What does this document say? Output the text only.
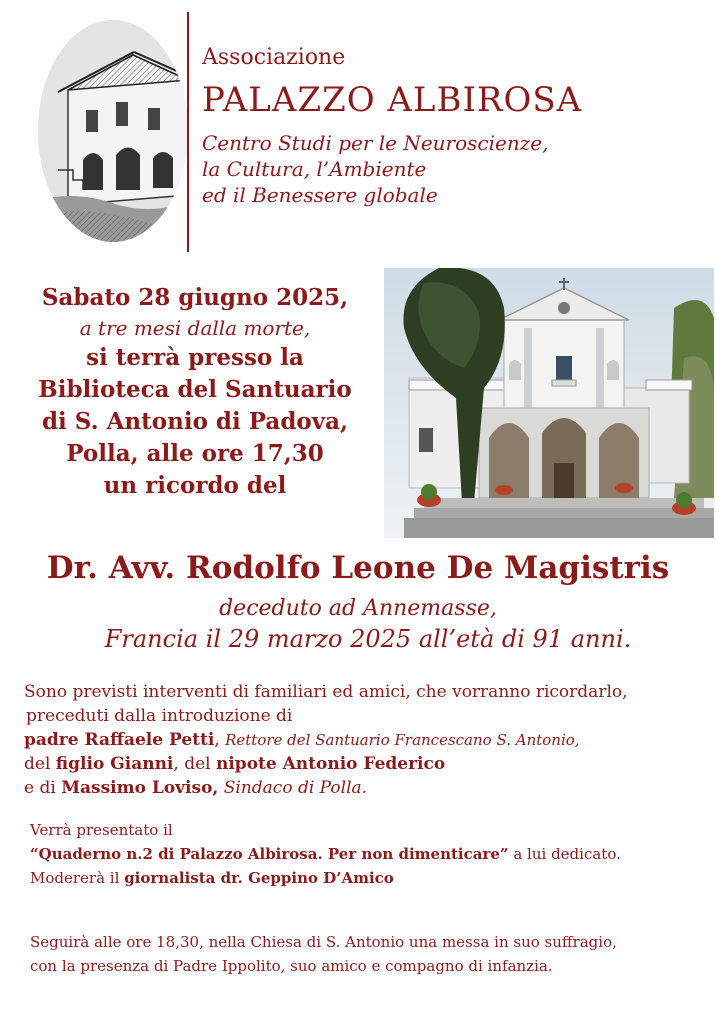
Associazione
PALAZZO ALBIROSA
Centro Studi per le Neuroscienze,
la Cultura, l’Ambiente
ed il Benessere globale
Sabato 28 giugno 2025,
a tre mesi dalla morte,
si terrà presso la
Biblioteca del Santuario
di S. Antonio di Padova,
Polla, alle ore 17,30
un ricordo del
Dr. Avv. Rodolfo Leone De Magistris
deceduto ad Annemasse,
Francia il 29 marzo 2025 all’età di 91 anni.
Sono previsti interventi di familiari ed amici, che vorranno ricordarlo,
preceduti dalla introduzione di
padre Raffaele Petti, Rettore del Santuario Francescano S. Antonio,
del figlio Gianni, del nipote Antonio Federico
e di Massimo Loviso, Sindaco di Polla.
Verrà presentato il
“Quaderno n.2 di Palazzo Albirosa. Per non dimenticare” a lui dedicato.
Modererà il giornalista dr. Geppino D’Amico
Seguirà alle ore 18,30, nella Chiesa di S. Antonio una messa in suo suffragio,
con la presenza di Padre Ippolito, suo amico e compagno di infanzia.
